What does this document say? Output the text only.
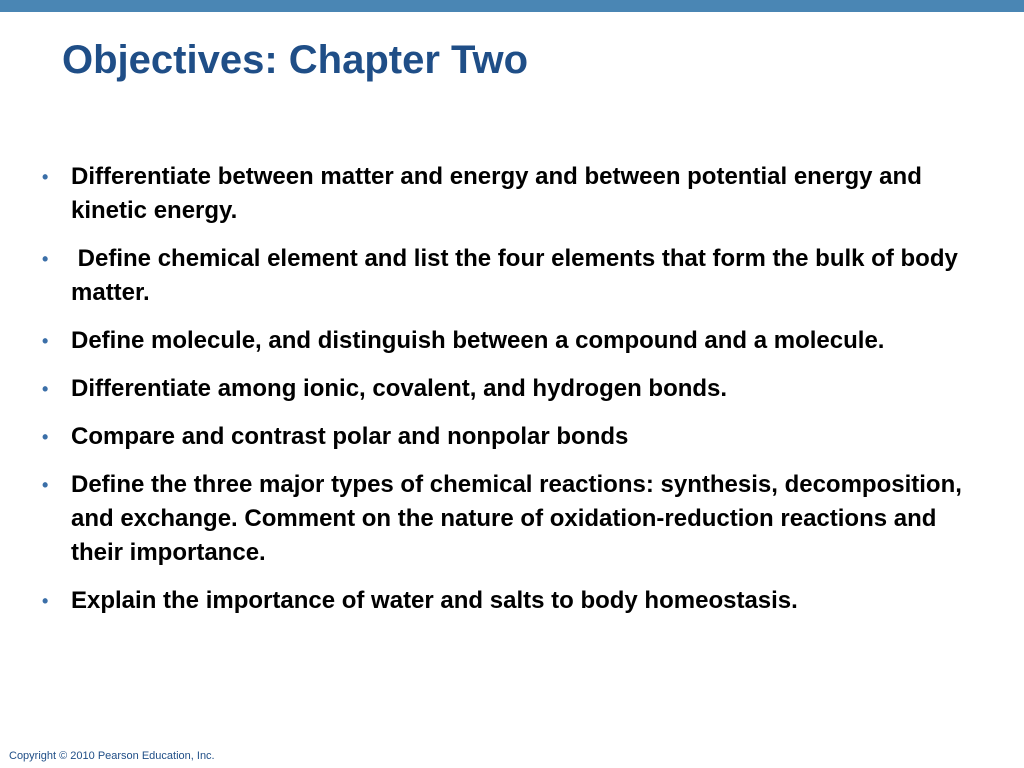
Objectives: Chapter Two
• Differentiate between matter and energy and between potential energy and kinetic energy.
• Define chemical element and list the four elements that form the bulk of body matter.
• Define molecule, and distinguish between a compound and a molecule.
• Differentiate among ionic, covalent, and hydrogen bonds.
• Compare and contrast polar and nonpolar bonds
• Define the three major types of chemical reactions: synthesis, decomposition, and exchange. Comment on the nature of oxidation-reduction reactions and their importance.
• Explain the importance of water and salts to body homeostasis.
Copyright © 2010 Pearson Education, Inc.
